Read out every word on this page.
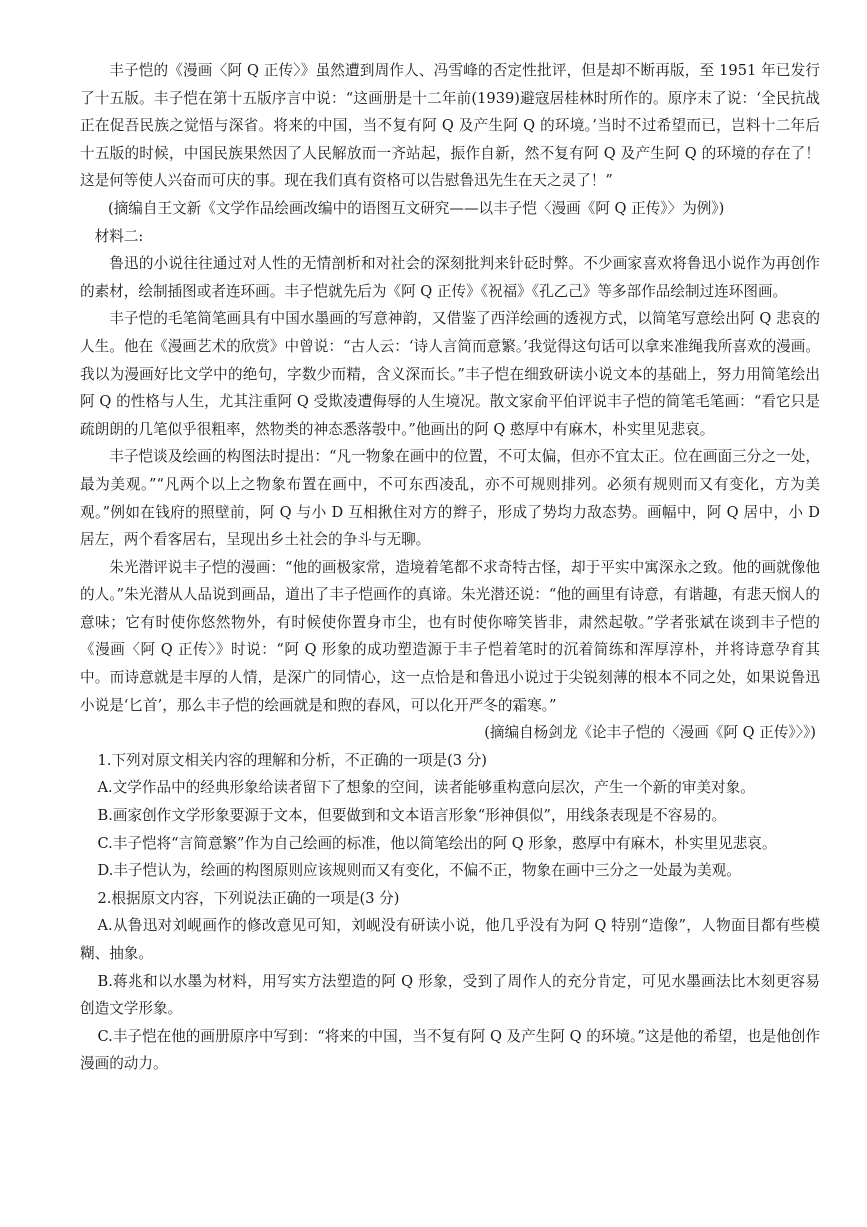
丰子恺的《漫画〈阿 Q 正传〉》虽然遭到周作人、冯雪峰的否定性批评，但是却不断再版，至 1951 年已发行了十五版。丰子恺在第十五版序言中说：“这画册是十二年前(1939)避寇居桂林时所作的。原序末了说：‘全民抗战正在促吾民族之觉悟与深省。将来的中国，当不复有阿 Q 及产生阿 Q 的环境。’当时不过希望而已，岂料十二年后十五版的时候，中国民族果然因了人民解放而一齐站起，振作自新，然不复有阿 Q 及产生阿 Q 的环境的存在了！这是何等使人兴奋而可庆的事。现在我们真有资格可以告慰鲁迅先生在天之灵了！”

(摘编自王文新《文学作品绘画改编中的语图互文研究——以丰子恺〈漫画《阿 Q 正传》〉为例》)

材料二:

鲁迅的小说往往通过对人性的无情剖析和对社会的深刻批判来针砭时弊。不少画家喜欢将鲁迅小说作为再创作的素材，绘制插图或者连环画。丰子恺就先后为《阿 Q 正传》《祝福》《孔乙己》等多部作品绘制过连环图画。

丰子恺的毛笔简笔画具有中国水墨画的写意神韵，又借鉴了西洋绘画的透视方式，以简笔写意绘出阿 Q 悲哀的人生。他在《漫画艺术的欣赏》中曾说：“古人云：‘诗人言简而意繁。’我觉得这句话可以拿来准绳我所喜欢的漫画。我以为漫画好比文学中的绝句，字数少而精，含义深而长。”丰子恺在细致研读小说文本的基础上，努力用简笔绘出阿 Q 的性格与人生，尤其注重阿 Q 受欺凌遭侮辱的人生境况。散文家俞平伯评说丰子恺的简笔毛笔画：“看它只是疏朗朗的几笔似乎很粗率，然物类的神态悉落彀中。”他画出的阿 Q 憨厚中有麻木，朴实里见悲哀。

丰子恺谈及绘画的构图法时提出：“凡一物象在画中的位置，不可太偏，但亦不宜太正。位在画面三分之一处，最为美观。”“凡两个以上之物象布置在画中，不可东西凌乱，亦不可规则排列。必须有规则而又有变化，方为美观。”例如在钱府的照壁前，阿 Q 与小 D 互相揪住对方的辫子，形成了势均力敌态势。画幅中，阿 Q 居中，小 D 居左，两个看客居右，呈现出乡土社会的争斗与无聊。

朱光潜评说丰子恺的漫画：“他的画极家常，造境着笔都不求奇特古怪，却于平实中寓深永之致。他的画就像他的人。”朱光潜从人品说到画品，道出了丰子恺画作的真谛。朱光潜还说：“他的画里有诗意，有谐趣，有悲天悯人的意味；它有时使你悠然物外，有时候使你置身市尘，也有时使你啼笑皆非，肃然起敬。”学者张斌在谈到丰子恺的《漫画〈阿 Q 正传〉》时说：“阿 Q 形象的成功塑造源于丰子恺着笔时的沉着简练和浑厚淳朴，并将诗意孕育其中。而诗意就是丰厚的人情，是深广的同情心，这一点恰是和鲁迅小说过于尖锐刻薄的根本不同之处，如果说鲁迅小说是‘匕首’，那么丰子恺的绘画就是和煦的春风，可以化开严冬的霜寒。”

(摘编自杨剑龙《论丰子恺的〈漫画《阿 Q 正传》〉》)

1.下列对原文相关内容的理解和分析，不正确的一项是(3 分)

A.文学作品中的经典形象给读者留下了想象的空间，读者能够重构意向层次，产生一个新的审美对象。

B.画家创作文学形象要源于文本，但要做到和文本语言形象“形神俱似”，用线条表现是不容易的。

C.丰子恺将“言简意繁”作为自己绘画的标准，他以简笔绘出的阿 Q 形象，憨厚中有麻木，朴实里见悲哀。

D.丰子恺认为，绘画的构图原则应该规则而又有变化，不偏不正，物象在画中三分之一处最为美观。

2.根据原文内容，下列说法正确的一项是(3 分)

A.从鲁迅对刘岘画作的修改意见可知，刘岘没有研读小说，他几乎没有为阿 Q 特别“造像”，人物面目都有些模糊、抽象。

B.蒋兆和以水墨为材料，用写实方法塑造的阿 Q 形象，受到了周作人的充分肯定，可见水墨画法比木刻更容易创造文学形象。

C.丰子恺在他的画册原序中写到：“将来的中国，当不复有阿 Q 及产生阿 Q 的环境。”这是他的希望，也是他创作漫画的动力。
